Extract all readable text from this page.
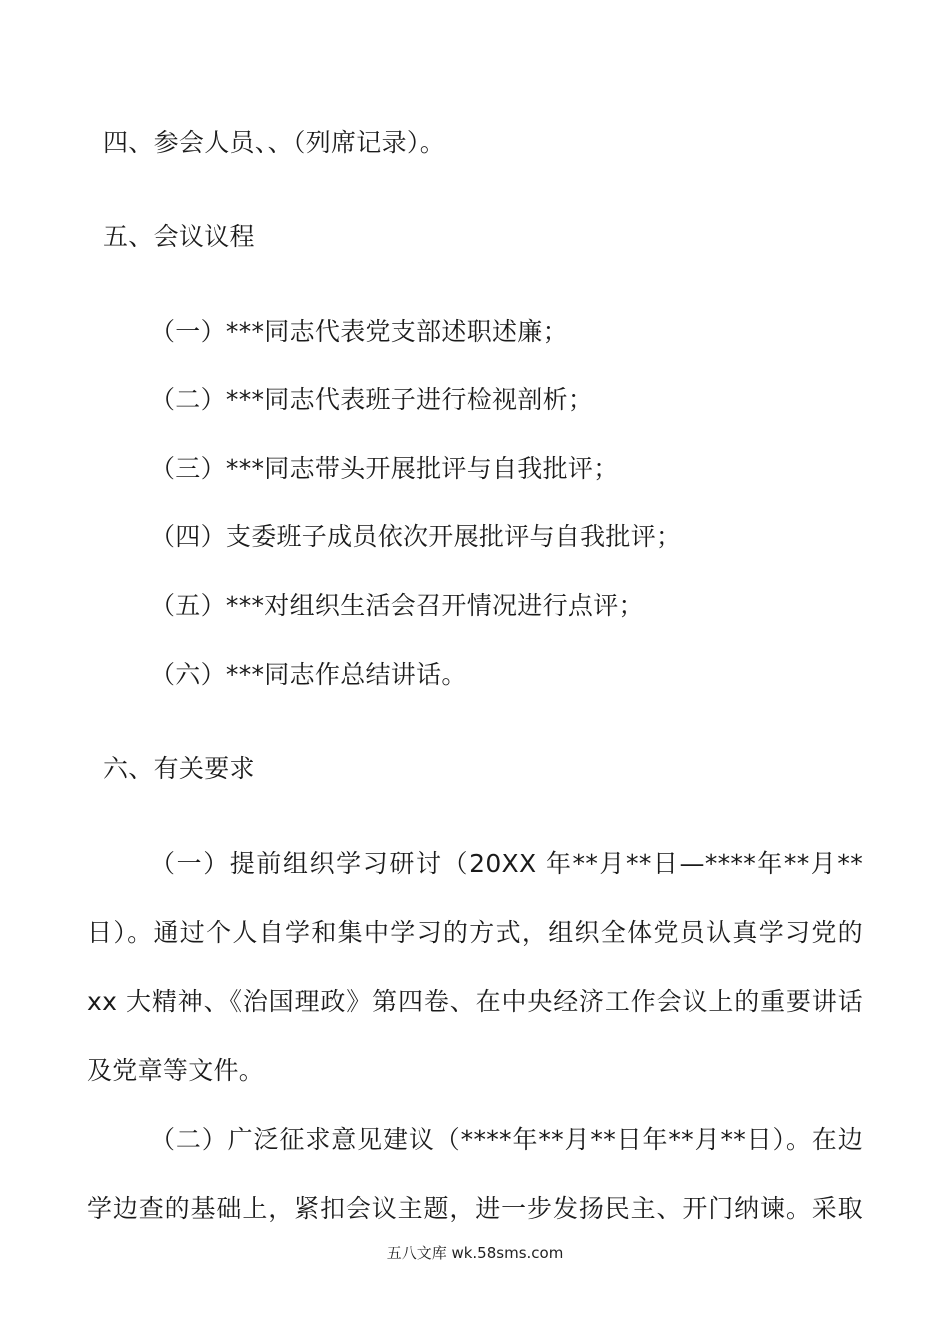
四、参会人员、、（列席记录）。
五、会议议程
（一）***同志代表党支部述职述廉；
（二）***同志代表班子进行检视剖析；
（三）***同志带头开展批评与自我批评；
（四）支委班子成员依次开展批评与自我批评；
（五）***对组织生活会召开情况进行点评；
（六）***同志作总结讲话。
六、有关要求
（一）提前组织学习研讨（20XX 年**月**日—****年**月**
日）。通过个人自学和集中学习的方式，组织全体党员认真学习党的
xx 大精神、《治国理政》第四卷、在中央经济工作会议上的重要讲话
及党章等文件。
（二）广泛征求意见建议（****年**月**日年**月**日）。在边
学边查的基础上，紧扣会议主题，进一步发扬民主、开门纳谏。采取
五八文库 wk.58sms.com
